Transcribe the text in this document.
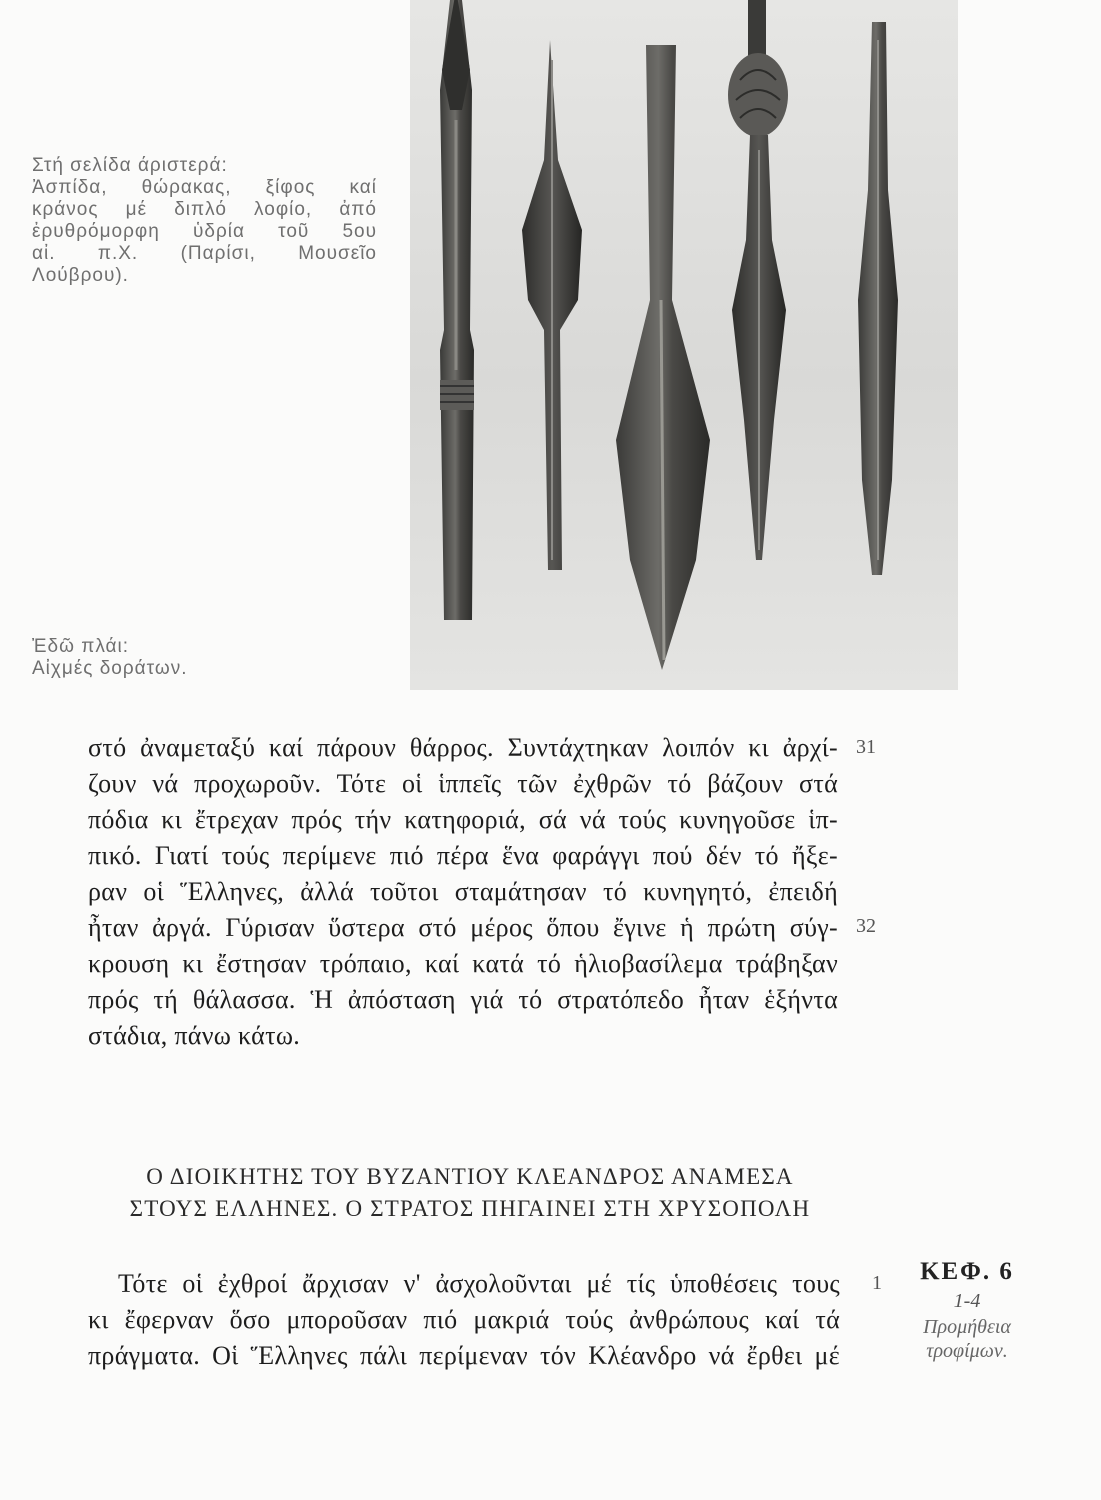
Στή σελίδα άριστερά:
Ἀσπίδα, θώρακας, ξίφος καί
κράνος μέ διπλό λοφίο, ἀπό
ἐρυθρόμορφη ὑδρία τοῦ 5ου
αἰ. π.Χ. (Παρίσι, Μουσεῖο
Λούβρου).
Ἐδῶ πλάι:
Αἰχμές δοράτων.
στό ἀναμεταξύ καί πάρουν θάρρος. Συντάχτηκαν λοιπόν κι ἀρχί-
ζουν νά προχωροῦν. Τότε οἱ ἱππεῖς τῶν ἐχθρῶν τό βάζουν στά
πόδια κι ἔτρεχαν πρός τήν κατηφοριά, σά νά τούς κυνηγοῦσε ἱπ-
πικό. Γιατί τούς περίμενε πιό πέρα ἕνα φαράγγι πού δέν τό ἤξε-
ραν οἱ Ἕλληνες, ἀλλά τοῦτοι σταμάτησαν τό κυνηγητό, ἐπειδή
ἦταν ἀργά. Γύρισαν ὕστερα στό μέρος ὅπου ἔγινε ἡ πρώτη σύγ-
κρουση κι ἔστησαν τρόπαιο, καί κατά τό ἡλιοβασίλεμα τράβηξαν
πρός τή θάλασσα. Ἡ ἀπόσταση γιά τό στρατόπεδο ἦταν ἑξήντα
στάδια, πάνω κάτω.
31
32
Ο ΔΙΟΙΚΗΤΗΣ ΤΟΥ ΒΥΖΑΝΤΙΟΥ ΚΛΕΑΝΔΡΟΣ ΑΝΑΜΕΣΑ
ΣΤΟΥΣ ΕΛΛΗΝΕΣ. Ο ΣΤΡΑΤΟΣ ΠΗΓΑΙΝΕΙ ΣΤΗ ΧΡΥΣΟΠΟΛΗ
Τότε οἱ ἐχθροί ἄρχισαν ν' ἀσχολοῦνται μέ τίς ὑποθέσεις τους
κι ἔφερναν ὅσο μποροῦσαν πιό μακριά τούς ἀνθρώπους καί τά
πράγματα. Οἱ Ἕλληνες πάλι περίμεναν τόν Κλέανδρο νά ἔρθει μέ
1	ΚΕΦ. 6
1-4
Προμήθεια
τροφίμων.
